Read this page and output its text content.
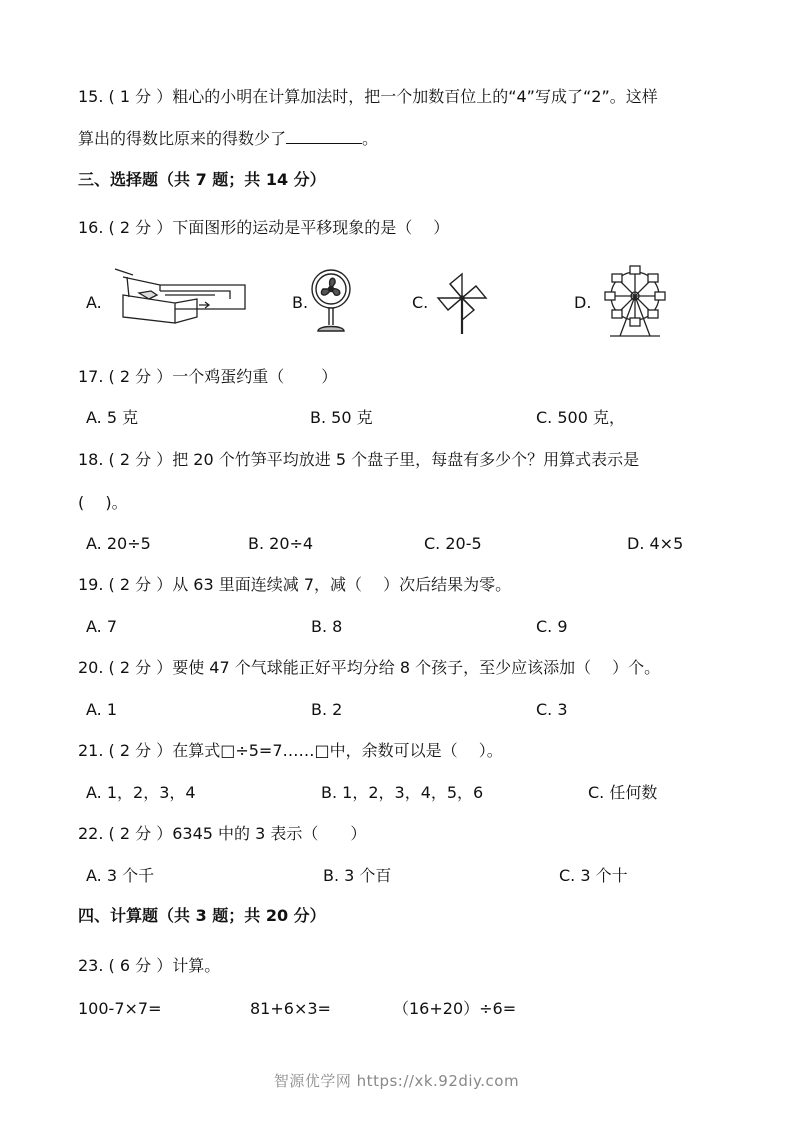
15. ( 1 分 ）粗心的小明在计算加法时，把一个加数百位上的“4”写成了“2”。这样
算出的得数比原来的得数少了	。
三、选择题（共 7 题；共 14 分）
16. ( 2 分 ）下面图形的运动是平移现象的是（　 ）
A.	B.	C.	D.
17. ( 2 分 ）一个鸡蛋约重（　　 ）
A. 5 克	B. 50 克	C. 500 克，
18. ( 2 分 ）把 20 个竹笋平均放进 5 个盘子里，每盘有多少个？用算式表示是
(　 )。
A. 20÷5	B. 20÷4	C. 20-5	D. 4×5
19. ( 2 分 ）从 63 里面连续减 7，减（　 ）次后结果为零。
A. 7	B. 8	C. 9
20. ( 2 分 ）要使 47 个气球能正好平均分给 8 个孩子，至少应该添加（　 ）个。
A. 1	B. 2	C. 3
21. ( 2 分 ）在算式□÷5=7……□中，余数可以是（　 ）。
A. 1，2，3，4	B. 1，2，3，4，5，6	C. 任何数
22. ( 2 分 ）6345 中的 3 表示（　　）
A. 3 个千	B. 3 个百	C. 3 个十
四、计算题（共 3 题；共 20 分）
23. ( 6 分 ）计算。
100-7×7=	81+6×3=	（16+20）÷6=
智源优学网 https://xk.92diy.com
